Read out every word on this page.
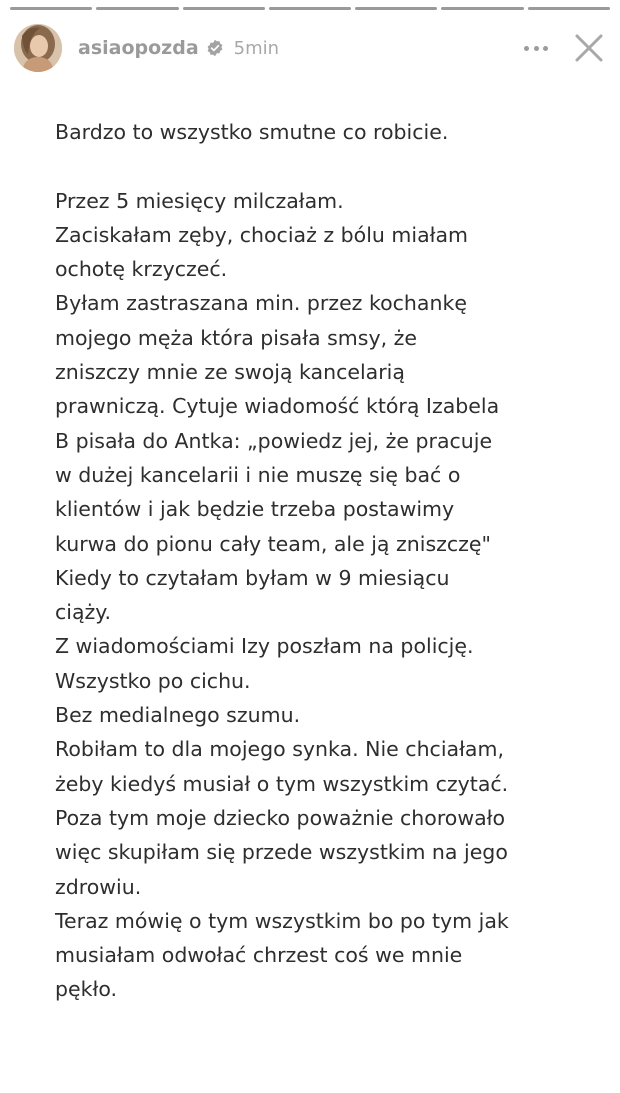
asiaopozda 5min
Bardzo to wszystko smutne co robicie.
Przez 5 miesięcy milczałam.
Zaciskałam zęby, chociaż z bólu miałam
ochotę krzyczeć.
Byłam zastraszana min. przez kochankę
mojego męża która pisała smsy, że
zniszczy mnie ze swoją kancelarią
prawniczą. Cytuje wiadomość którą Izabela
B pisała do Antka: „powiedz jej, że pracuje
w dużej kancelarii i nie muszę się bać o
klientów i jak będzie trzeba postawimy
kurwa do pionu cały team, ale ją zniszczę"
Kiedy to czytałam byłam w 9 miesiącu
ciąży.
Z wiadomościami Izy poszłam na policję.
Wszystko po cichu.
Bez medialnego szumu.
Robiłam to dla mojego synka. Nie chciałam,
żeby kiedyś musiał o tym wszystkim czytać.
Poza tym moje dziecko poważnie chorowało
więc skupiłam się przede wszystkim na jego
zdrowiu.
Teraz mówię o tym wszystkim bo po tym jak
musiałam odwołać chrzest coś we mnie
pękło.
